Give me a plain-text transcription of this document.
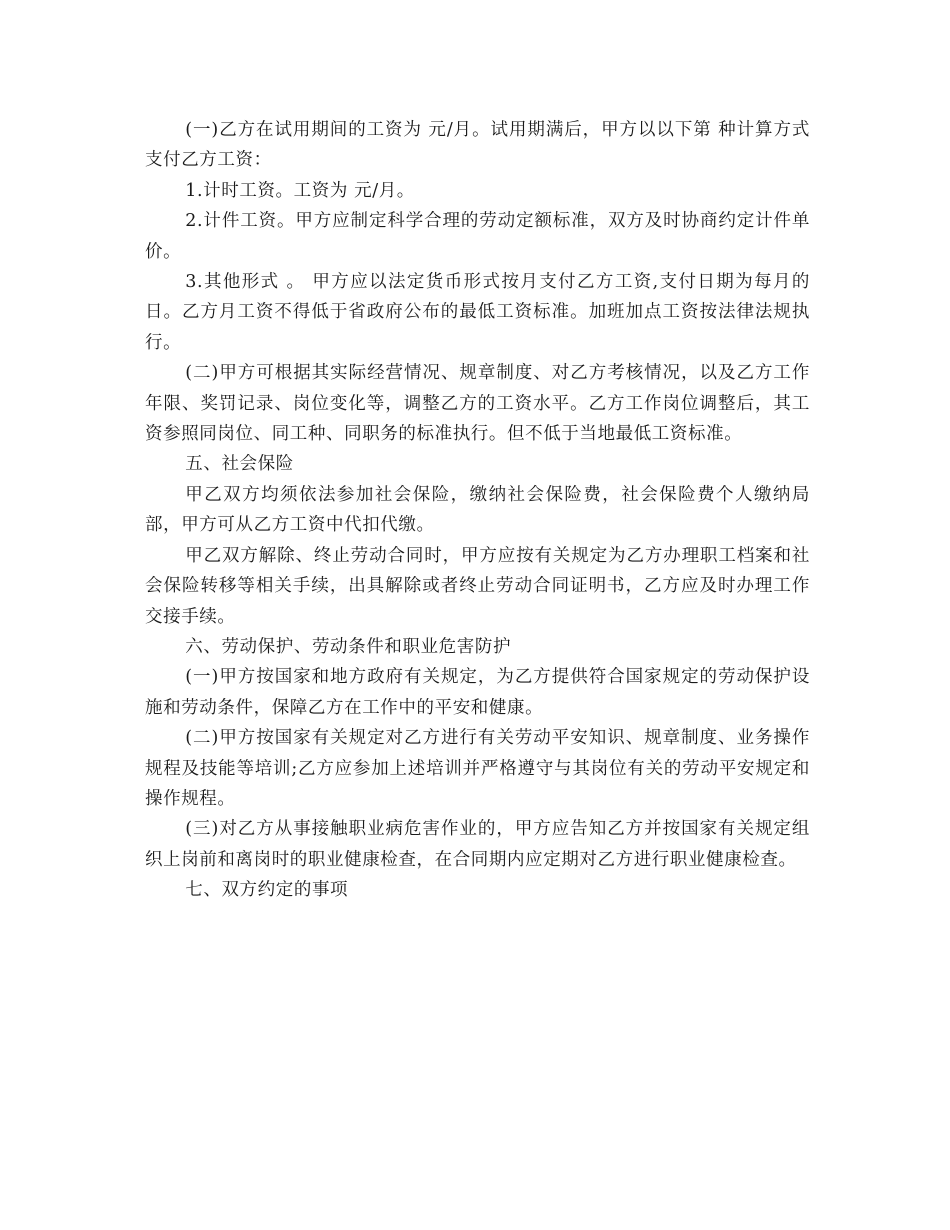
(一)乙方在试用期间的工资为 元/月。试用期满后，甲方以以下第 种计算方式支付乙方工资：

1.计时工资。工资为 元/月。

2.计件工资。甲方应制定科学合理的劳动定额标准，双方及时协商约定计件单价。

3.其他形式 。 甲方应以法定货币形式按月支付乙方工资,支付日期为每月的日。乙方月工资不得低于省政府公布的最低工资标准。加班加点工资按法律法规执行。

(二)甲方可根据其实际经营情况、规章制度、对乙方考核情况，以及乙方工作年限、奖罚记录、岗位变化等，调整乙方的工资水平。乙方工作岗位调整后，其工资参照同岗位、同工种、同职务的标准执行。但不低于当地最低工资标准。

五、社会保险

甲乙双方均须依法参加社会保险，缴纳社会保险费，社会保险费个人缴纳局部，甲方可从乙方工资中代扣代缴。

甲乙双方解除、终止劳动合同时，甲方应按有关规定为乙方办理职工档案和社会保险转移等相关手续，出具解除或者终止劳动合同证明书，乙方应及时办理工作交接手续。

六、劳动保护、劳动条件和职业危害防护

(一)甲方按国家和地方政府有关规定，为乙方提供符合国家规定的劳动保护设施和劳动条件，保障乙方在工作中的平安和健康。

(二)甲方按国家有关规定对乙方进行有关劳动平安知识、规章制度、业务操作规程及技能等培训;乙方应参加上述培训并严格遵守与其岗位有关的劳动平安规定和操作规程。

(三)对乙方从事接触职业病危害作业的，甲方应告知乙方并按国家有关规定组织上岗前和离岗时的职业健康检查，在合同期内应定期对乙方进行职业健康检查。

七、双方约定的事项
